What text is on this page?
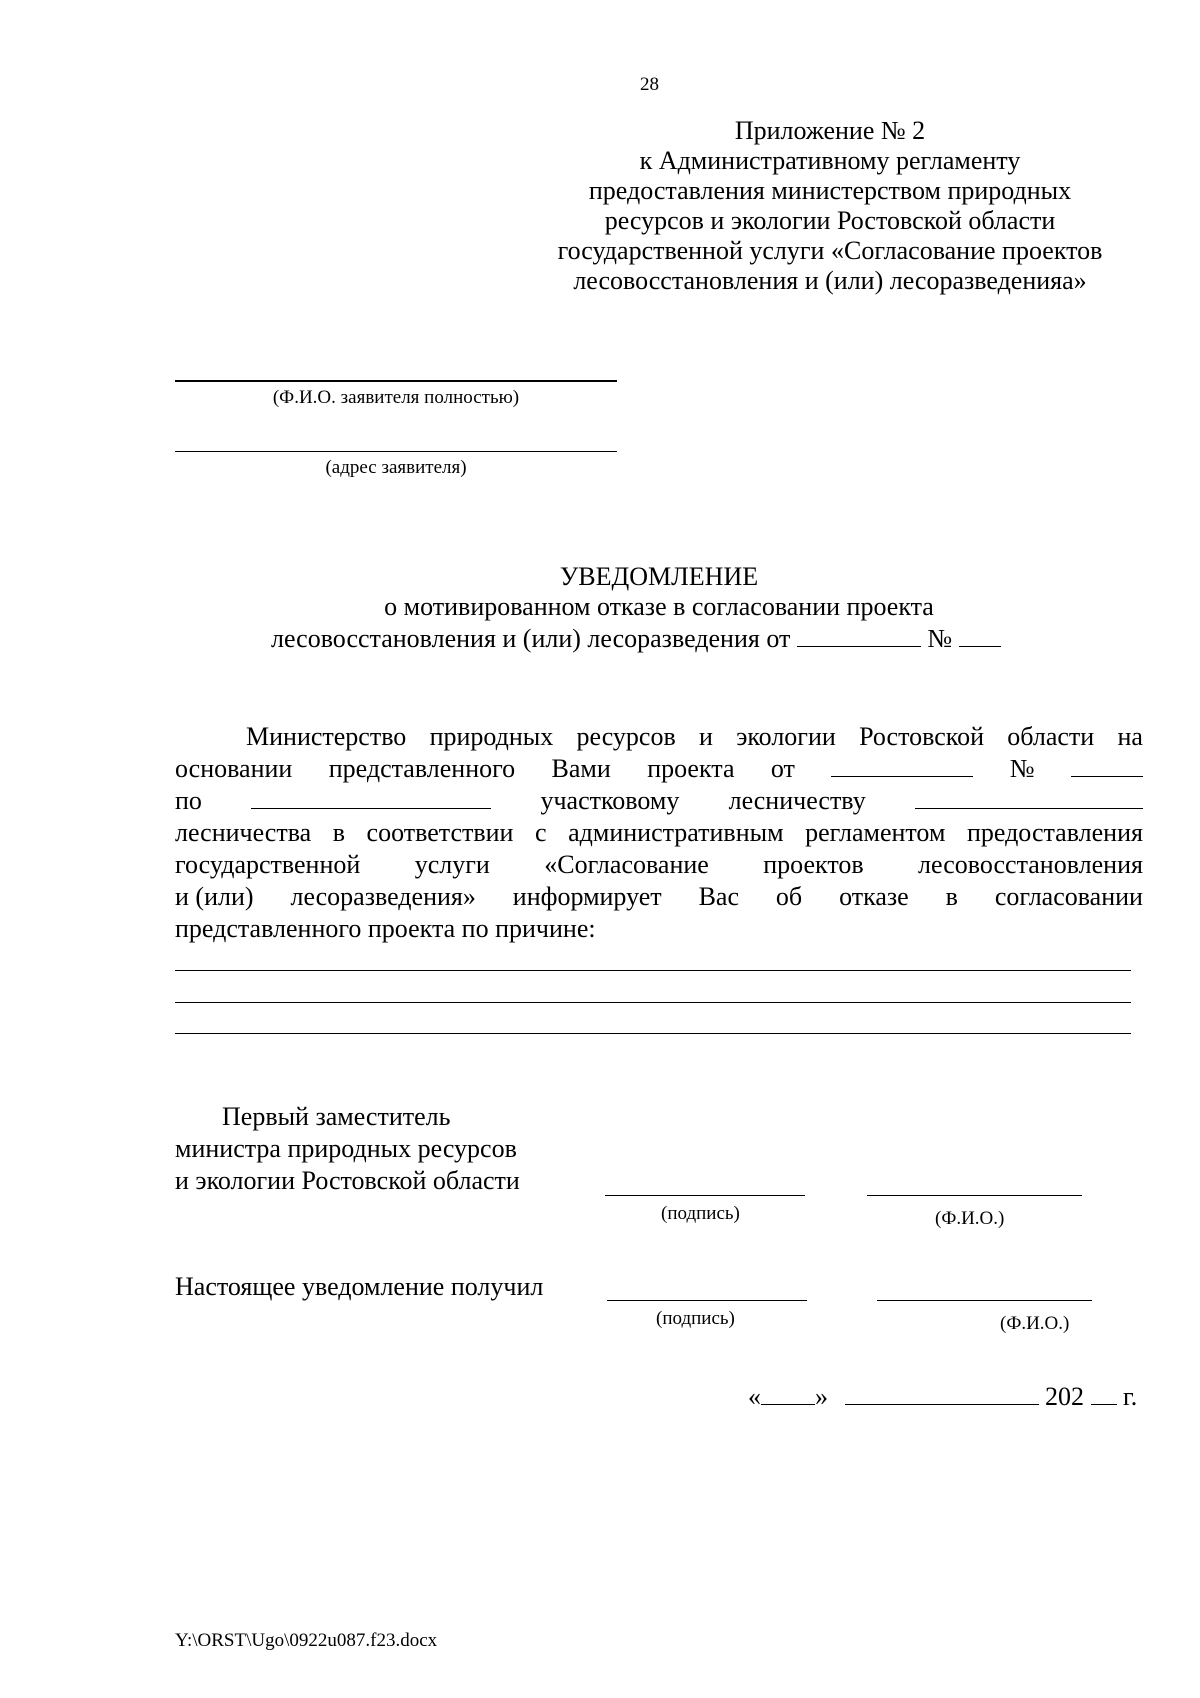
28
Приложение № 2
к Административному регламенту
предоставления министерством природных
ресурсов и экологии Ростовской области
государственной услуги «Согласование проектов
лесовосстановления и (или) лесоразведенияа»
(Ф.И.О. заявителя полностью)
(адрес заявителя)
УВЕДОМЛЕНИЕ
о мотивированном отказе в согласовании проекта
лесовосстановления и (или) лесоразведения от	№
Министерство природных ресурсов и экологии Ростовской области на
основании представленного Вами проекта от	№
по	участковому лесничеству
лесничества в соответствии с административным регламентом предоставления
государственной услуги «Согласование проектов лесовосстановления
и (или) лесоразведения» информирует Вас об отказе в согласовании
представленного проекта по причине:
Первый заместитель
министра природных ресурсов
и экологии Ростовской области
(подпись)	(Ф.И.О.)
Настоящее уведомление получил
(подпись)	(Ф.И.О.)
« »	202 г.
Y:\ORST\Ugo\0922u087.f23.docx
